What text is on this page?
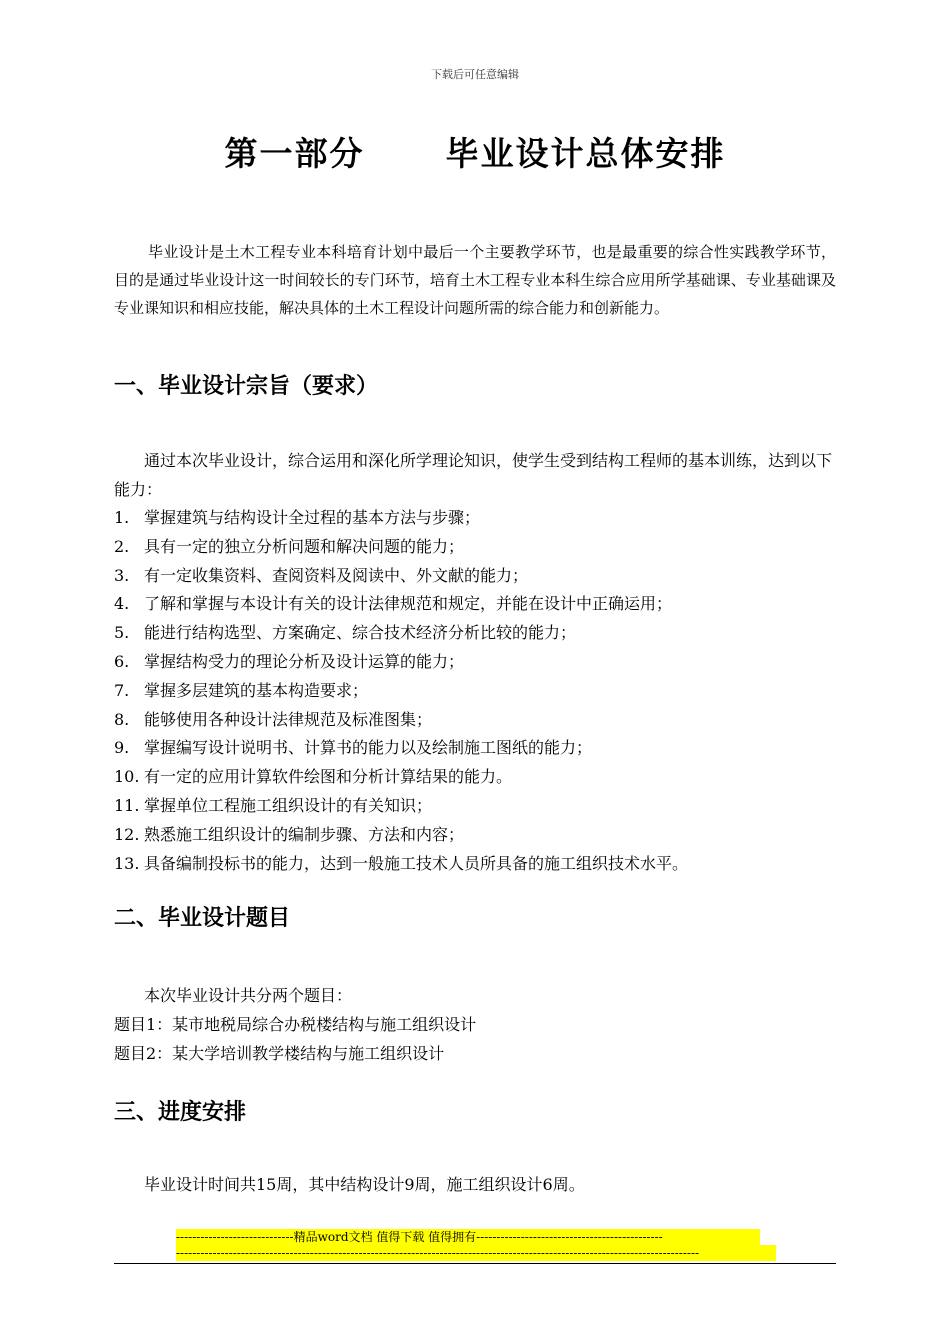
下载后可任意编辑
第一部分      毕业设计总体安排
毕业设计是土木工程专业本科培育计划中最后一个主要教学环节，也是最重要的综合性实践教学环节，目的是通过毕业设计这一时间较长的专门环节，培育土木工程专业本科生综合应用所学基础课、专业基础课及专业课知识和相应技能，解决具体的土木工程设计问题所需的综合能力和创新能力。
一、毕业设计宗旨（要求）
通过本次毕业设计，综合运用和深化所学理论知识，使学生受到结构工程师的基本训练，达到以下能力：
1. 掌握建筑与结构设计全过程的基本方法与步骤；
2. 具有一定的独立分析问题和解决问题的能力；
3. 有一定收集资料、查阅资料及阅读中、外文献的能力；
4. 了解和掌握与本设计有关的设计法律规范和规定，并能在设计中正确运用；
5. 能进行结构选型、方案确定、综合技术经济分析比较的能力；
6. 掌握结构受力的理论分析及设计运算的能力；
7. 掌握多层建筑的基本构造要求；
8. 能够使用各种设计法律规范及标准图集；
9. 掌握编写设计说明书、计算书的能力以及绘制施工图纸的能力；
10. 有一定的应用计算软件绘图和分析计算结果的能力。
11. 掌握单位工程施工组织设计的有关知识；
12. 熟悉施工组织设计的编制步骤、方法和内容；
13. 具备编制投标书的能力，达到一般施工技术人员所具备的施工组织技术水平。
二、毕业设计题目
本次毕业设计共分两个题目：
题目1：某市地税局综合办税楼结构与施工组织设计
题目2：某大学培训教学楼结构与施工组织设计
三、进度安排
毕业设计时间共15周，其中结构设计9周，施工组织设计6周。
-----------------------------精品word文档 值得下载 值得拥有----------------------------------------------
---------------------------------------------------------------------------------------------------------------------------------
